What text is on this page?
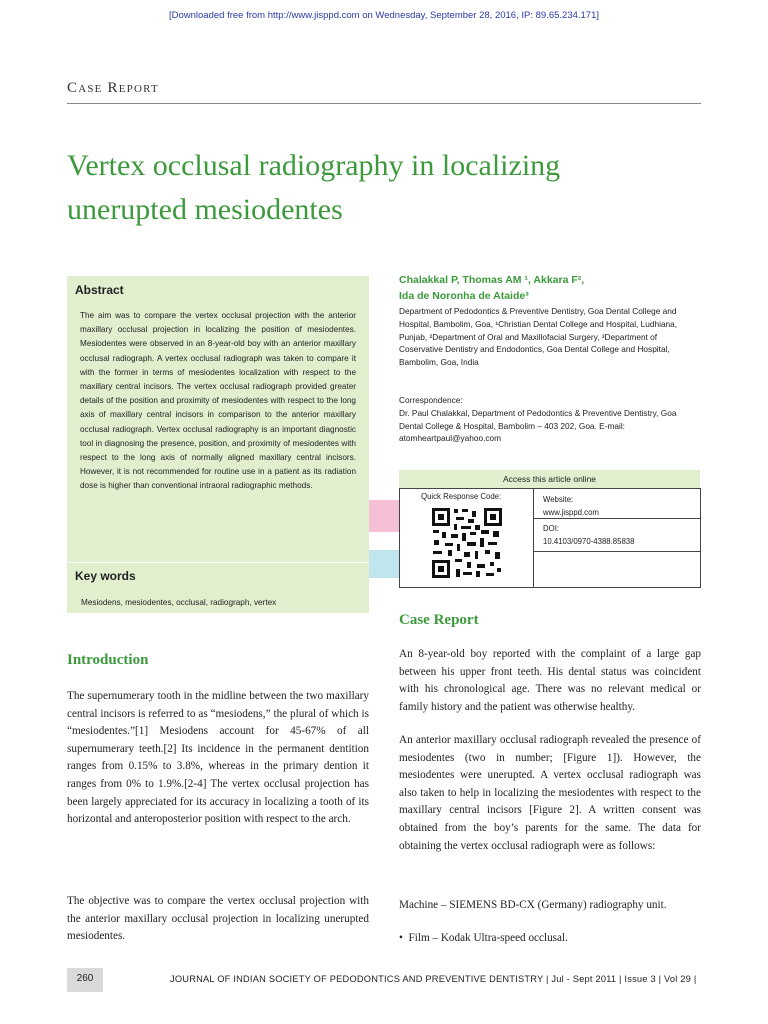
[Downloaded free from http://www.jisppd.com on Wednesday, September 28, 2016, IP: 89.65.234.171]
Case Report
Vertex occlusal radiography in localizing unerupted mesiodentes
Abstract
The aim was to compare the vertex occlusal projection with the anterior maxillary occlusal projection in localizing the position of mesiodentes. Mesiodentes were observed in an 8-year-old boy with an anterior maxillary occlusal radiograph. A vertex occlusal radiograph was taken to compare it with the former in terms of mesiodentes localization with respect to the maxillary central incisors. The vertex occlusal radiograph provided greater details of the position and proximity of mesiodentes with respect to the long axis of maxillary central incisors in comparison to the anterior maxillary occlusal radiograph. Vertex occlusal radiography is an important diagnostic tool in diagnosing the presence, position, and proximity of mesiodentes with respect to the long axis of normally aligned maxillary central incisors. However, it is not recommended for routine use in a patient as its radiation dose is higher than conventional intraoral radiographic methods.
Key words
Mesiodens, mesiodentes, occlusal, radiograph, vertex
Chalakkal P, Thomas AM ¹, Akkara F²,
Ida de Noronha de Ataide³
Department of Pedodontics & Preventive Dentistry, Goa Dental College and Hospital, Bambolim, Goa, ¹Christian Dental College and Hospital, Ludhiana, Punjab, ²Department of Oral and Maxillofacial Surgery, ³Department of Coservative Dentistry and Endodontics, Goa Dental College and Hospital, Bambolim, Goa, India
Correspondence:
Dr. Paul Chalakkal, Department of Pedodontics & Preventive Dentistry, Goa Dental College & Hospital, Bambolim – 403 202, Goa. E-mail: atomheartpaul@yahoo.com
Access this article online
Quick Response Code:	Website:
www.jisppd.com
DOI:
10.4103/0970-4388.85838
Introduction
The supernumerary tooth in the midline between the two maxillary central incisors is referred to as “mesiodens,” the plural of which is “mesiodentes.”[1] Mesiodens account for 45-67% of all supernumerary teeth.[2] Its incidence in the permanent dentition ranges from 0.15% to 3.8%, whereas in the primary dention it ranges from 0% to 1.9%.[2-4] The vertex occlusal projection has been largely appreciated for its accuracy in localizing a tooth of its horizontal and anteroposterior position with respect to the arch.
The objective was to compare the vertex occlusal projection with the anterior maxillary occlusal projection in localizing unerupted mesiodentes.
Case Report
An 8-year-old boy reported with the complaint of a large gap between his upper front teeth. His dental status was coincident with his chronological age. There was no relevant medical or family history and the patient was otherwise healthy.
An anterior maxillary occlusal radiograph revealed the presence of mesiodentes (two in number; [Figure 1]). However, the mesiodentes were unerupted. A vertex occlusal radiograph was also taken to help in localizing the mesiodentes with respect to the maxillary central incisors [Figure 2]. A written consent was obtained from the boy’s parents for the same. The data for obtaining the vertex occlusal radiograph were as follows:
Machine – SIEMENS BD-CX (Germany) radiography unit.
•  Film – Kodak Ultra-speed occlusal.
260	JOURNAL OF INDIAN SOCIETY OF PEDODONTICS AND PREVENTIVE DENTISTRY | Jul - Sept 2011 | Issue 3 | Vol 29 |
